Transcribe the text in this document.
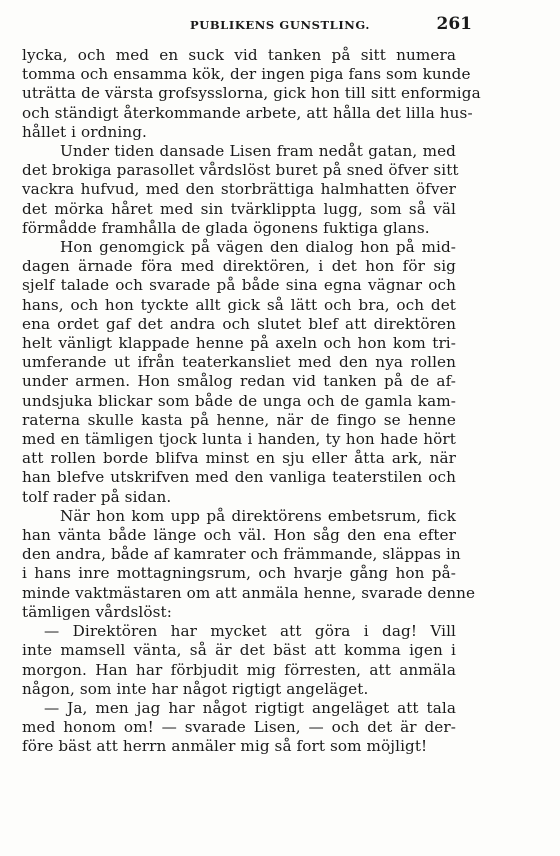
PUBLIKENS GUNSTLING.	261

lycka, och med en suck vid tanken på sitt numera
tomma och ensamma kök, der ingen piga fans som kunde
uträtta de värsta grofsysslorna, gick hon till sitt enformiga
och ständigt återkommande arbete, att hålla det lilla hus-
hållet i ordning.

Under tiden dansade Lisen fram nedåt gatan, med
det brokiga parasollet vårdslöst buret på sned öfver sitt
vackra hufvud, med den storbrättiga halmhatten öfver
det mörka håret med sin tvärklippta lugg, som så väl
förmådde framhålla de glada ögonens fuktiga glans.

Hon genomgick på vägen den dialog hon på mid-
dagen ärnade föra med direktören, i det hon för sig
sjelf talade och svarade på både sina egna vägnar och
hans, och hon tyckte allt gick så lätt och bra, och det
ena ordet gaf det andra och slutet blef att direktören
helt vänligt klappade henne på axeln och hon kom tri-
umferande ut ifrån teaterkansliet med den nya rollen
under armen. Hon smålog redan vid tanken på de af-
undsjuka blickar som både de unga och de gamla kam-
raterna skulle kasta på henne, när de fingo se henne
med en tämligen tjock lunta i handen, ty hon hade hört
att rollen borde blifva minst en sju eller åtta ark, när
han blefve utskrifven med den vanliga teaterstilen och
tolf rader på sidan.

När hon kom upp på direktörens embetsrum, fick
han vänta både länge och väl. Hon såg den ena efter
den andra, både af kamrater och främmande, släppas in
i hans inre mottagningsrum, och hvarje gång hon på-
minde vaktmästaren om att anmäla henne, svarade denne
tämligen vårdslöst:

— Direktören har mycket att göra i dag! Vill
inte mamsell vänta, så är det bäst att komma igen i
morgon. Han har förbjudit mig förresten, att anmäla
någon, som inte har något rigtigt angeläget.

— Ja, men jag har något rigtigt angeläget att tala
med honom om! — svarade Lisen, — och det är der-
före bäst att herrn anmäler mig så fort som möjligt!
